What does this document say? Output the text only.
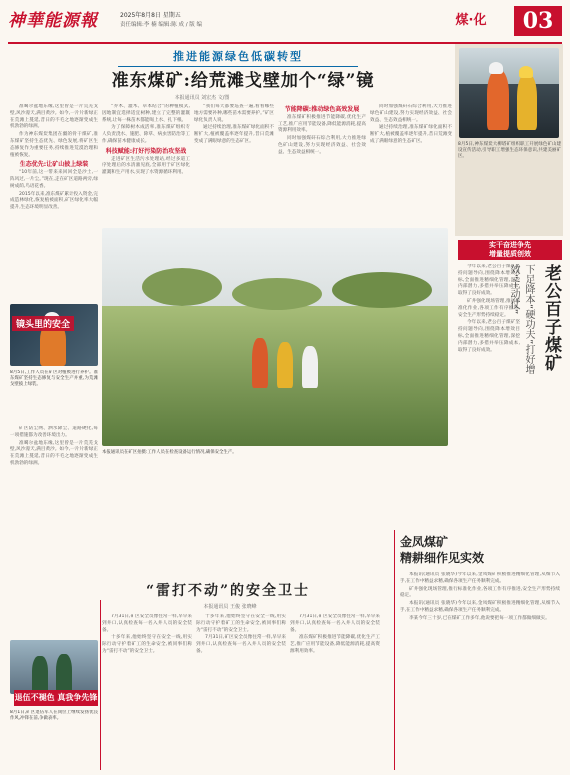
神華能源報	2025年8月8日 星期五
责任编辑:李 楠 编辑:陈 成 / 版 编	煤·化	03
推进能源绿色低碳转型
准东煤矿:给荒滩戈壁加个“绿”镜
本报通讯员 刘宏杰 文/图

准噶尔盆地东缘,这里曾是一片荒芜戈壁,风沙漫天,满目黄沙。如今,一片片新绿正在荒滩上蔓延,昔日的不毛之地逐渐变成生机勃勃的绿洲。

作为神东煤炭集团在疆的骨干煤矿,准东煤矿坚持生态优先、绿色发展,将矿区生态修复作为重要任务,持续推进荒漠治理和植被恢复。

生态优先:让矿山披上绿装

“10年前,这一带来来回回全是沙土,一阵风过,一片尘。”现在,走在矿区道路两旁,绿树成荫,鸟语花香。

2015年以来,准东煤矿累计投入资金,完成造林绿化,恢复植被面积,矿区绿化率大幅提升,生态环境明显改善。

“乔木、灌木、草本结合”的种植模式,因地制宜选择适宜树种,建立了完整的灌溉系统,让每一株苗木都能喝上水、扎下根。

为了保障树木成活率,准东煤矿组织专人负责浇水、施肥、除草、病虫害防治等工作,确保苗木健康成长。

科技赋能:打好污染防治攻坚战

走进矿区生活污水处理站,经过多道工序处理后的水清澈见底,全部用于矿区绿化灌溉和生产用水,实现了水资源循环利用。

“我们每天都要巡查一遍,看看哪些地方需要补种,哪些苗木需要养护。”矿区绿化负责人说。

通过持续治理,准东煤矿绿化面积不断扩大,植被覆盖率逐年提升,昔日荒滩变成了满眼绿意的生态矿区。

节能降碳:推动绿色高效发展

准东煤矿积极推进节能降碳,优化生产工艺,推广应用节能设备,降低能源消耗,提高资源利用效率。

同时加强煤矸石综合利用,大力推进绿色矿山建设,努力实现经济效益、社会效益、生态效益相统一。

同时加强煤矸石综合利用,大力推进绿色矿山建设,努力实现经济效益、社会效益、生态效益相统一。

通过持续治理,准东煤矿绿化面积不断扩大,植被覆盖率逐年提升,昔日荒滩变成了满眼绿意的生态矿区。

8月5日,神东煤炭大柳塔矿组织职工开展绿色矿山建设宣传活动,引导职工增强生态环保意识,共建美丽矿区。
实干奋进争先
增量提质创效
老公百子煤矿
下足降本“硬功夫”打好增效“主动仗”

今年以来,老公百子煤矿坚持问题导向,围绕降本增效目标,全面推进精细化管理,深挖内部潜力,多措并举压降成本,取得了良好成效。

矿井强化现场管理,推行标准化作业,各项工作有序推进,安全生产形势持续稳定。

今年以来,老公百子煤矿坚持问题导向,围绕降本增效目标,全面推进精细化管理,深挖内部潜力,多措并举压降成本,取得了良好成效。

镜头里的安全
8月5日,工作人员在矿区对植被进行养护。准东煤矿坚持生态修复与安全生产并重,为荒滩戈壁披上绿装。
本报通讯员在矿区拍摄:工作人员在检查设备运行情况,确保安全生产。

矿区防尘网、洒水降尘、道路硬化,每一项措施都为改善环境出力。

准噶尔盆地东缘,这里曾是一片荒芜戈壁,风沙漫天,满目黄沙。如今,一片片新绿正在荒滩上蔓延,昔日的不毛之地逐渐变成生机勃勃的绿洲。

“雷打不动”的安全卫士
本报通讯员 王俊 张晓峰

7月31日,矿区安全员像往常一样,早早来到井口,认真检查每一名入井人员的安全装备。

十多年来,他始终坚守在安全一线,用实际行动守护着矿工的生命安全,被同事们称为“雷打不动”的安全卫士。

十多年来,他始终坚守在安全一线,用实际行动守护着矿工的生命安全,被同事们称为“雷打不动”的安全卫士。

7月31日,矿区安全员像往常一样,早早来到井口,认真检查每一名入井人员的安全装备。

7月31日,矿区安全员像往常一样,早早来到井口,认真检查每一名入井人员的安全装备。

准东煤矿积极推进节能降碳,优化生产工艺,推广应用节能设备,降低能源消耗,提高资源利用效率。

金凤煤矿
精耕细作见实效

本报讯(通讯员 张晓华)今年以来,金凤煤矿积极推进精细化管理,从细节入手,在工作中精益求精,确保各项生产任务顺利完成。

矿井强化现场管理,推行标准化作业,各项工作有序推进,安全生产形势持续稳定。

本报讯(通讯员 张晓华)今年以来,金凤煤矿积极推进精细化管理,从细节入手,在工作中精益求精,确保各项生产任务顺利完成。

李某今年三十岁,已在煤矿工作多年,他说要把每一项工作都做细做实。

退伍不褪色 真我争先锋
8月1日,矿区退伍军人在岗位上继续发扬优良作风,冲锋在前,争做表率。
